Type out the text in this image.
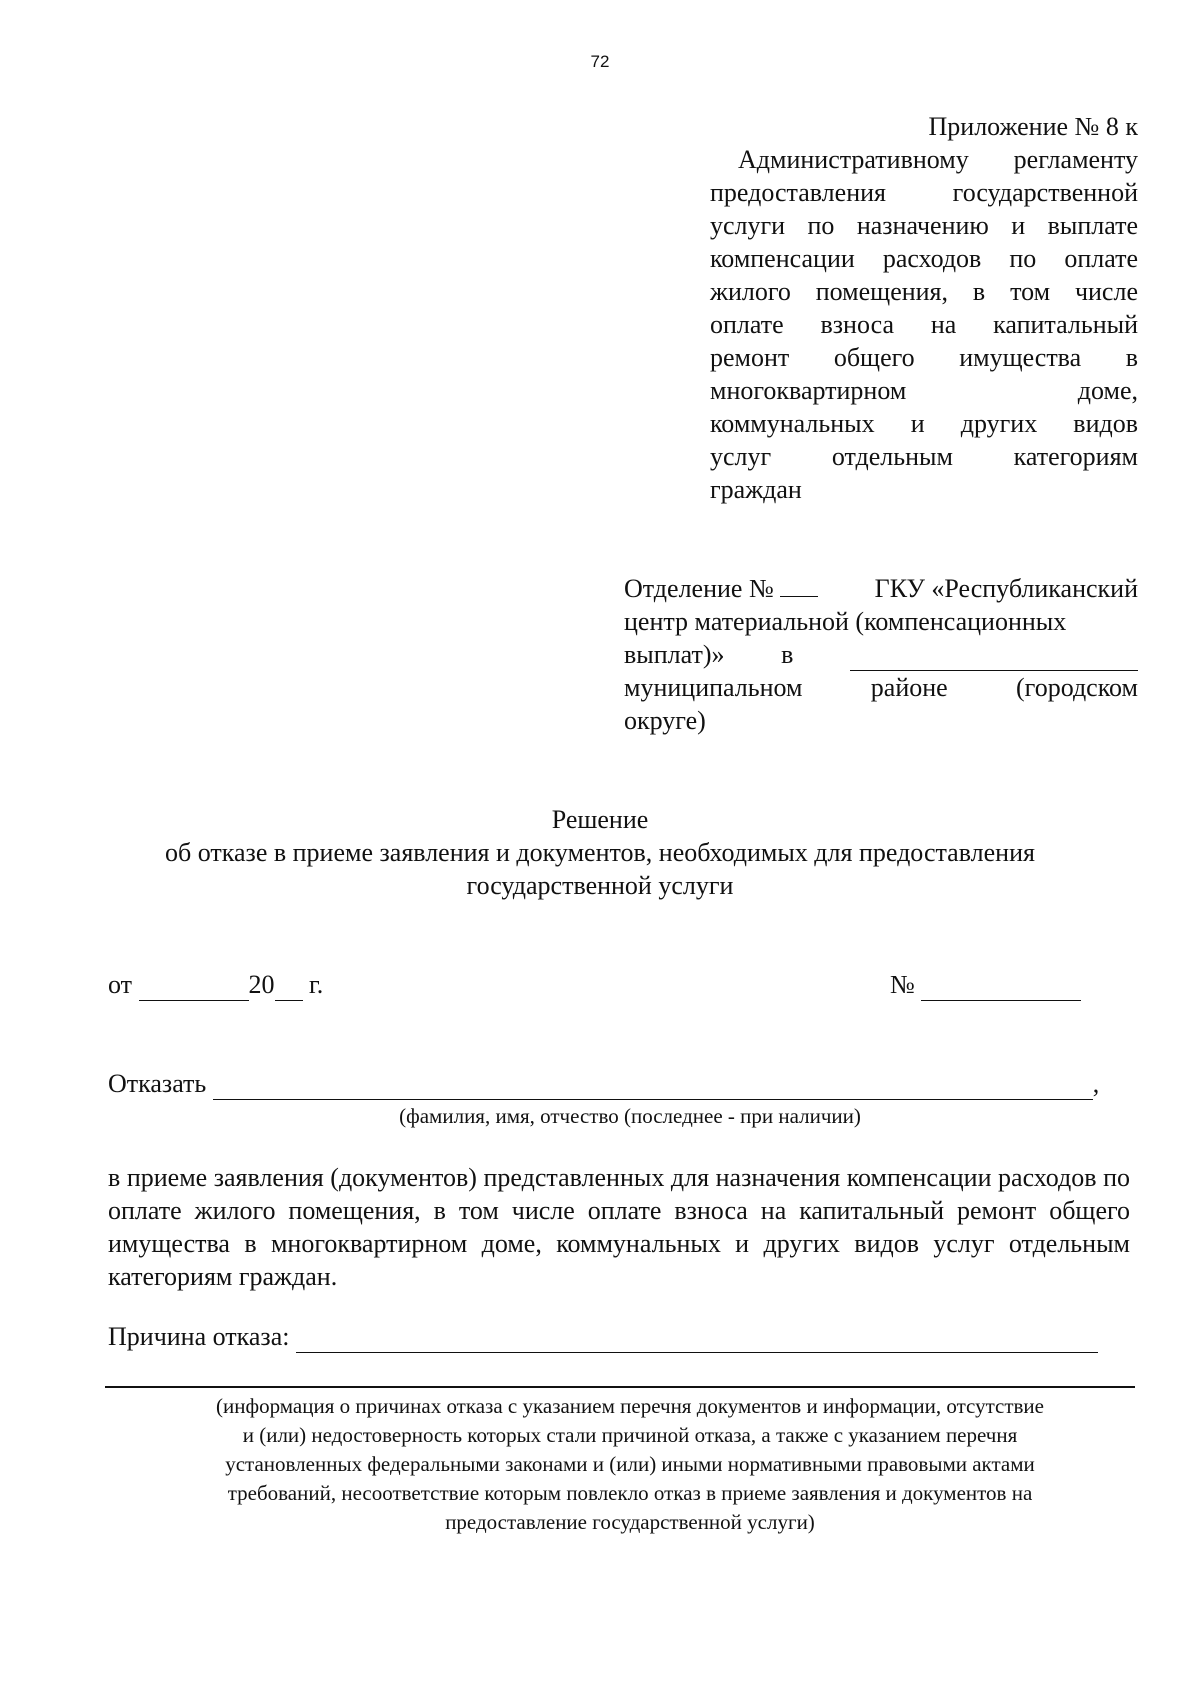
72
Приложение № 8 к
Административному регламенту
предоставления государственной
услуги по назначению и выплате
компенсации расходов по оплате
жилого помещения, в том числе
оплате взноса на капитальный
ремонт общего имущества в
многоквартирном доме,
коммунальных и других видов
услуг отдельным категориям
граждан
Отделение №	ГКУ «Республиканский
центр материальной (компенсационных
выплат)» в
муниципальном	районе	(городском
округе)
Решение
об отказе в приеме заявления и документов, необходимых для предоставления
государственной услуги
от	20 г.	№
Отказать	,
(фамилия, имя, отчество (последнее - при наличии)
в приеме заявления (документов) представленных для назначения компенсации расходов по оплате жилого помещения, в том числе оплате взноса на капитальный ремонт общего имущества в многоквартирном доме, коммунальных и других видов услуг отдельным категориям граждан.
Причина отказа:
(информация о причинах отказа с указанием перечня документов и информации, отсутствие
и (или) недостоверность которых стали причиной отказа, а также с указанием перечня
установленных федеральными законами и (или) иными нормативными правовыми актами
требований, несоответствие которым повлекло отказ в приеме заявления и документов на
предоставление государственной услуги)
